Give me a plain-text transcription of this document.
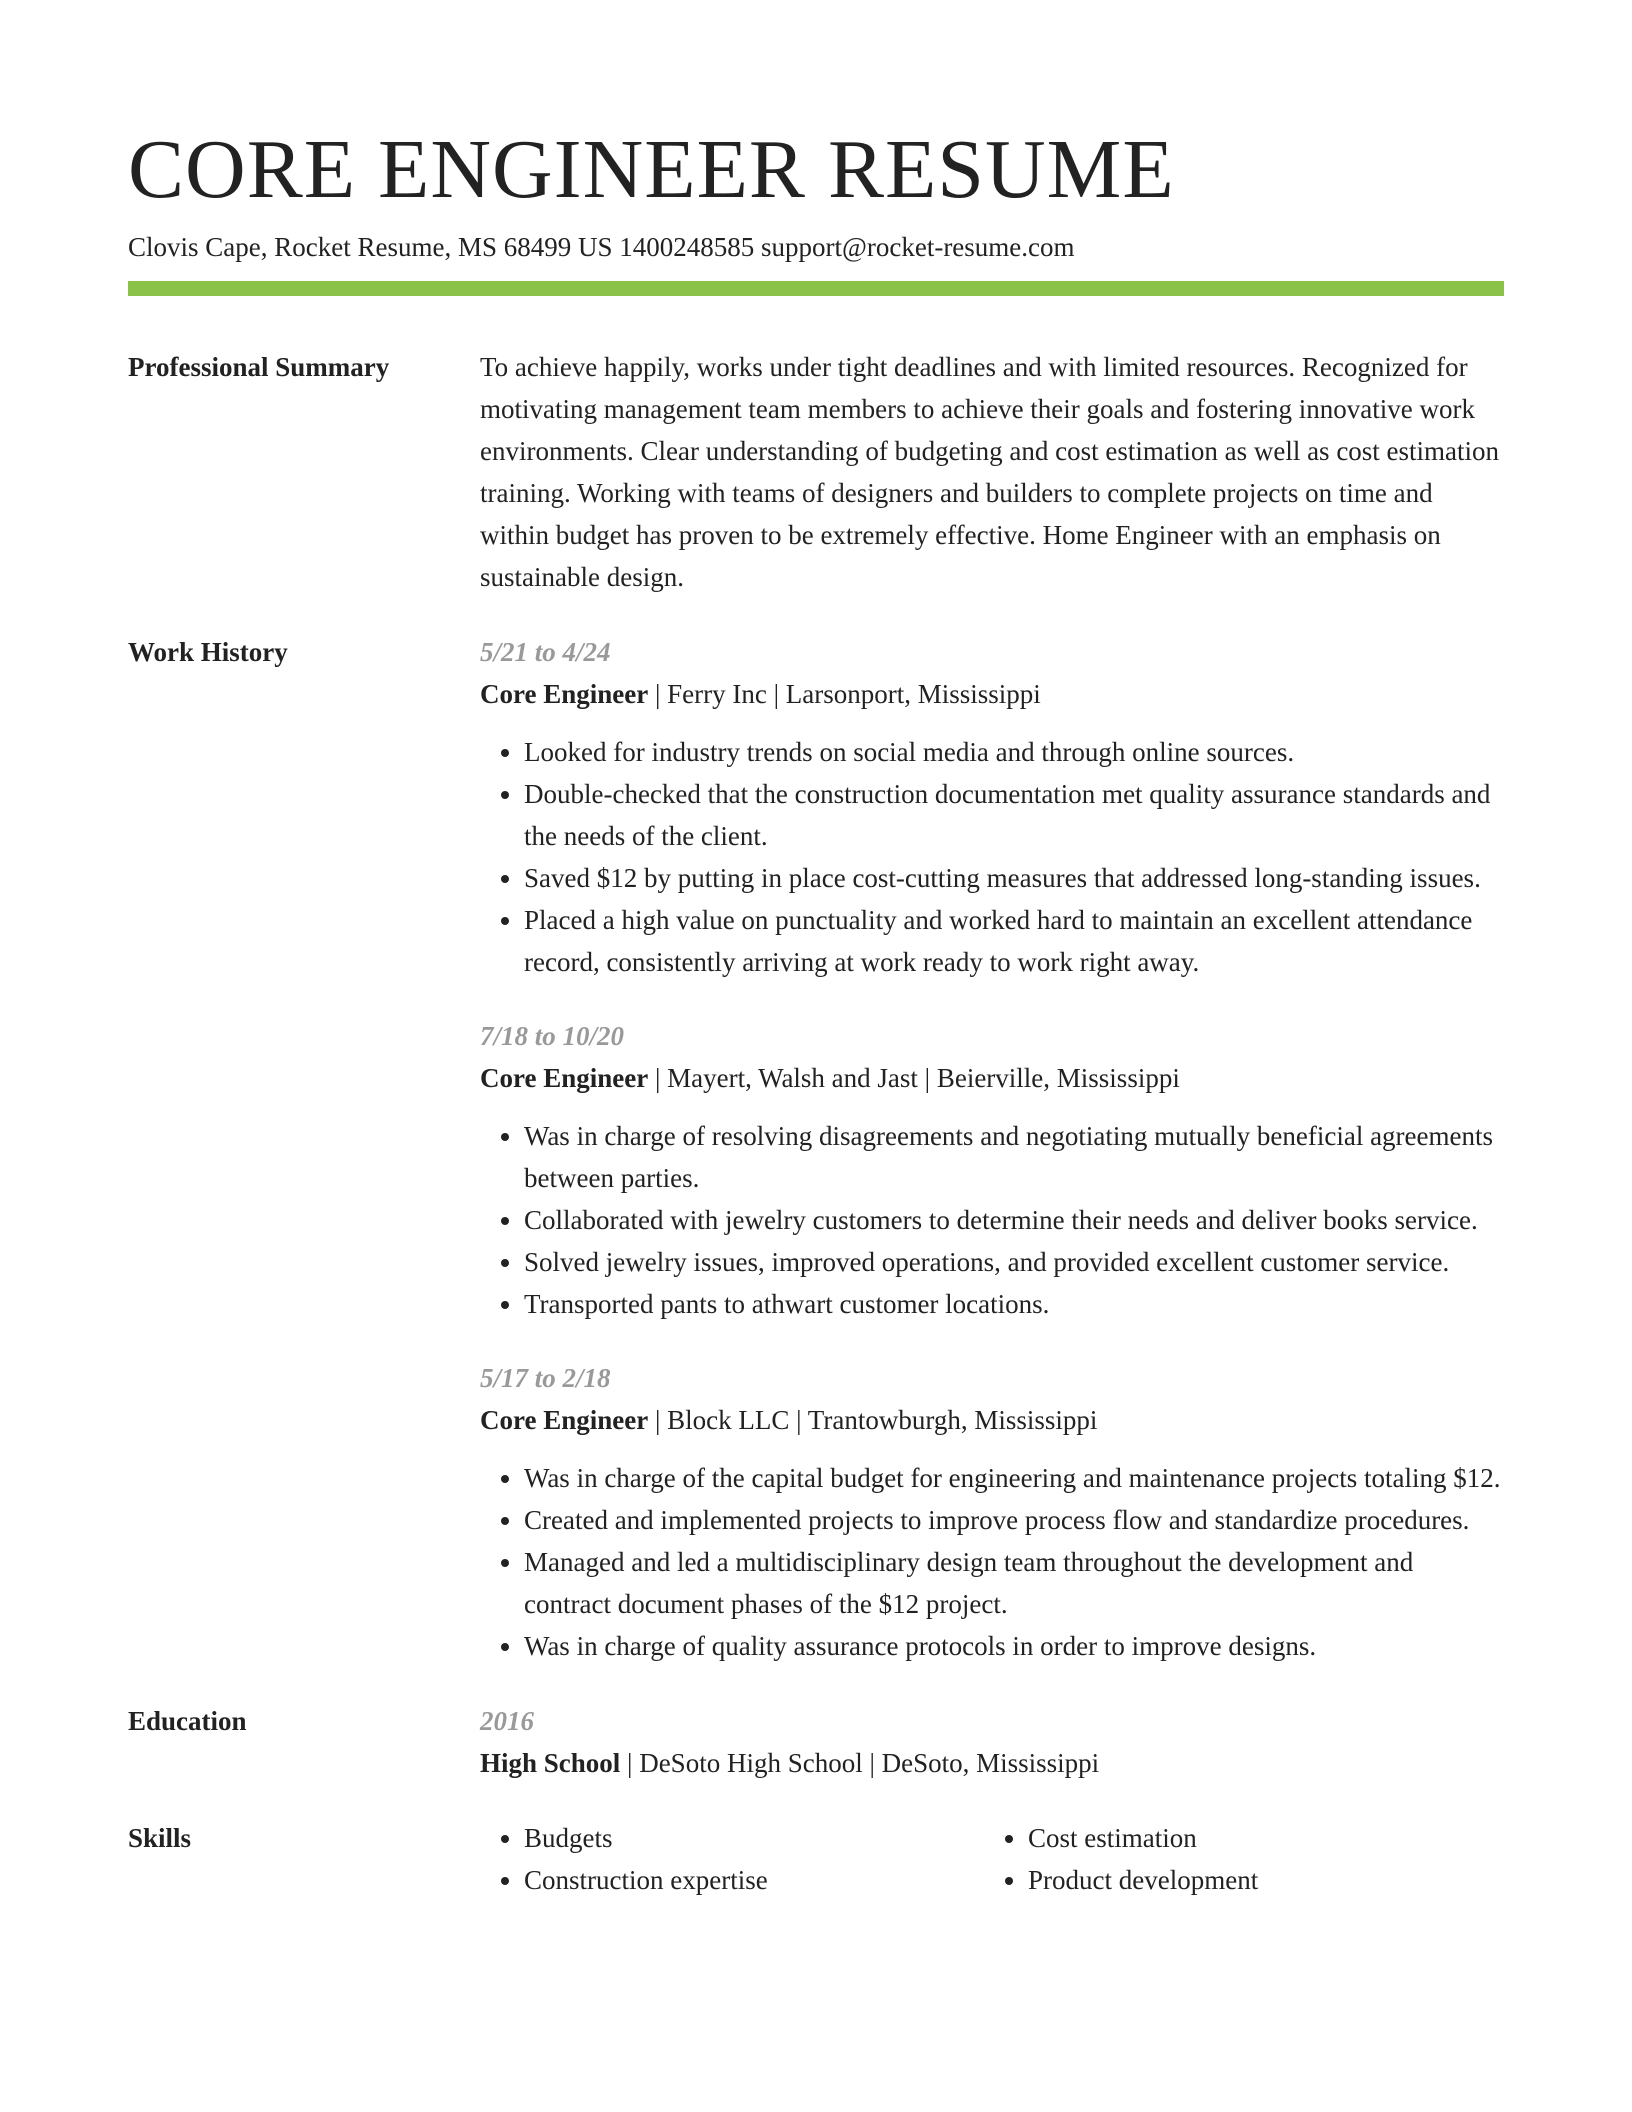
CORE ENGINEER RESUME
Clovis Cape, Rocket Resume, MS 68499 US 1400248585 support@rocket-resume.com
Professional Summary	To achieve happily, works under tight deadlines and with limited resources. Recognized for motivating management team members to achieve their goals and fostering innovative work environments. Clear understanding of budgeting and cost estimation as well as cost estimation training. Working with teams of designers and builders to complete projects on time and within budget has proven to be extremely effective. Home Engineer with an emphasis on sustainable design.
Work History	5/21 to 4/24
Core Engineer | Ferry Inc | Larsonport, Mississippi
• Looked for industry trends on social media and through online sources.
• Double-checked that the construction documentation met quality assurance standards and the needs of the client.
• Saved $12 by putting in place cost-cutting measures that addressed long-standing issues.
• Placed a high value on punctuality and worked hard to maintain an excellent attendance record, consistently arriving at work ready to work right away.
7/18 to 10/20
Core Engineer | Mayert, Walsh and Jast | Beierville, Mississippi
• Was in charge of resolving disagreements and negotiating mutually beneficial agreements between parties.
• Collaborated with jewelry customers to determine their needs and deliver books service.
• Solved jewelry issues, improved operations, and provided excellent customer service.
• Transported pants to athwart customer locations.
5/17 to 2/18
Core Engineer | Block LLC | Trantowburgh, Mississippi
• Was in charge of the capital budget for engineering and maintenance projects totaling $12.
• Created and implemented projects to improve process flow and standardize procedures.
• Managed and led a multidisciplinary design team throughout the development and contract document phases of the $12 project.
• Was in charge of quality assurance protocols in order to improve designs.
Education	2016
High School | DeSoto High School | DeSoto, Mississippi
Skills
•	Budgets
• Construction expertise
• Cost estimation
• Product development
